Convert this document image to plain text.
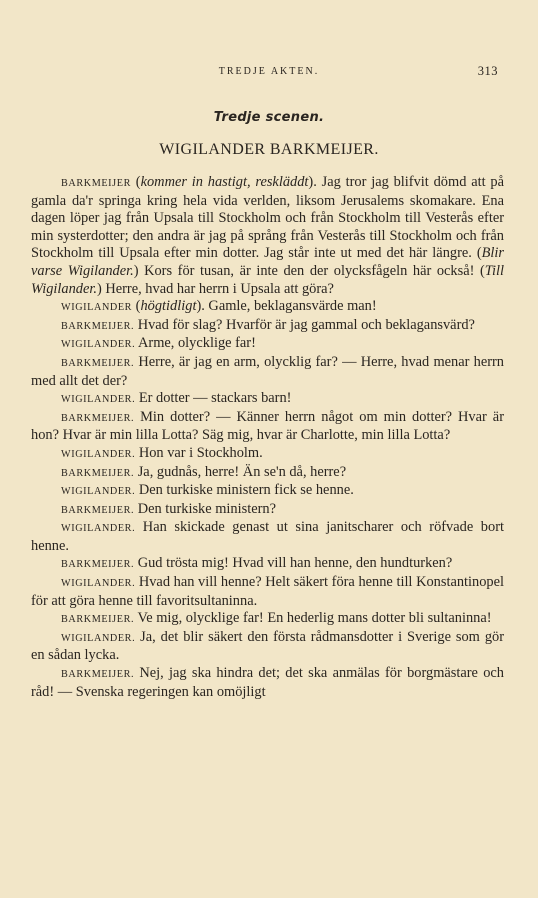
TREDJE AKTEN.	313
Tredje scenen.
WIGILANDER BARKMEIJER.

BARKMEIJER (kommer in hastigt, reskläddt). Jag tror jag blifvit dömd att på gamla da'r springa kring hela vida verlden, liksom Jerusalems skomakare. Ena dagen löper jag från Upsala till Stockholm och från Stockholm till Vesterås efter min systerdotter; den andra är jag på språng från Vesterås till Stockholm och från Stockholm till Upsala efter min dotter. Jag står inte ut med det här längre. (Blir varse Wigilander.) Kors för tusan, är inte den der olycksfågeln här också! (Till Wigilander.) Herre, hvad har herrn i Upsala att göra?

WIGILANDER (högtidligt). Gamle, beklagansvärde man!

BARKMEIJER. Hvad för slag? Hvarför är jag gammal och beklagansvärd?

WIGILANDER. Arme, olycklige far!

BARKMEIJER. Herre, är jag en arm, olycklig far? — Herre, hvad menar herrn med allt det der?

WIGILANDER. Er dotter — stackars barn!

BARKMEIJER. Min dotter? — Känner herrn något om min dotter? Hvar är hon? Hvar är min lilla Lotta? Säg mig, hvar är Charlotte, min lilla Lotta?

WIGILANDER. Hon var i Stockholm.

BARKMEIJER. Ja, gudnås, herre! Än se'n då, herre?

WIGILANDER. Den turkiske ministern fick se henne.

BARKMEIJER. Den turkiske ministern?

WIGILANDER. Han skickade genast ut sina janitscharer och röfvade bort henne.

BARKMEIJER. Gud trösta mig! Hvad vill han henne, den hundturken?

WIGILANDER. Hvad han vill henne? Helt säkert föra henne till Konstantinopel för att göra henne till favoritsultaninna.

BARKMEIJER. Ve mig, olycklige far! En hederlig mans dotter bli sultaninna!

WIGILANDER. Ja, det blir säkert den första rådmansdotter i Sverige som gör en sådan lycka.

BARKMEIJER. Nej, jag ska hindra det; det ska anmälas för borgmästare och råd! — Svenska regeringen kan omöjligt
